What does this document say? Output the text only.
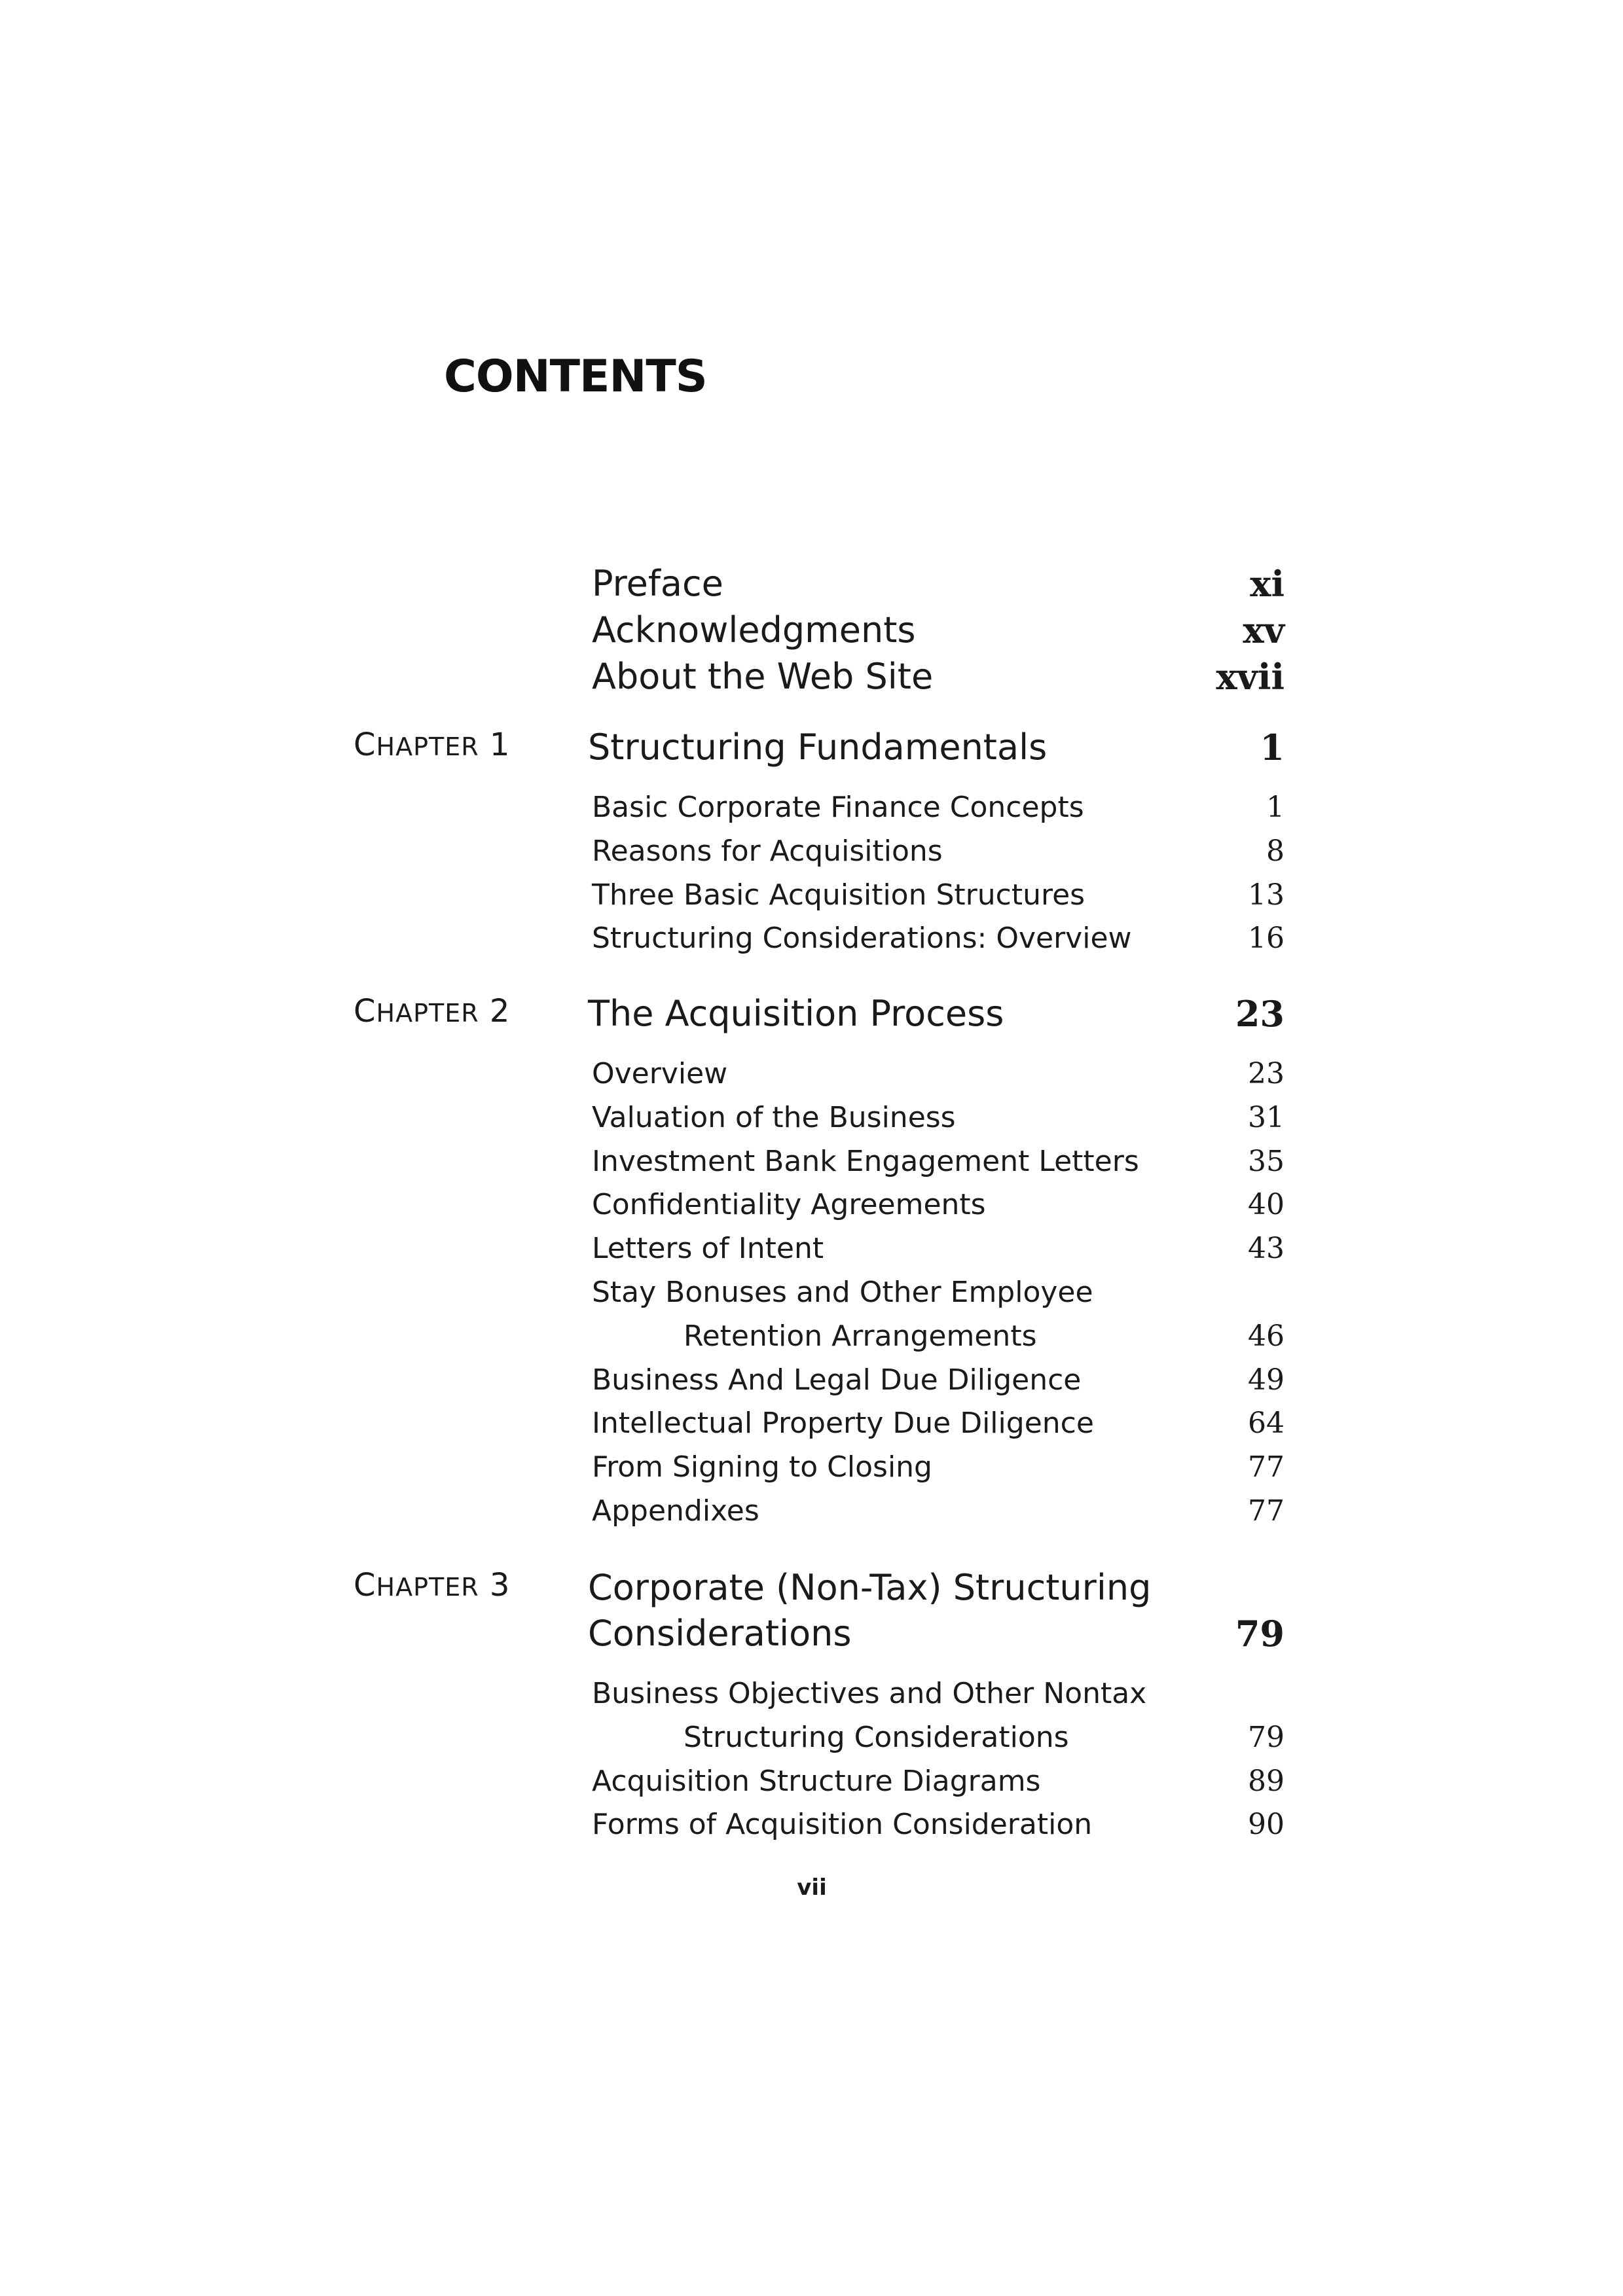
CONTENTS
Preface	xi
Acknowledgments	xv
About the Web Site	xvii
CHAPTER 1 Structuring Fundamentals	1
Basic Corporate Finance Concepts	1
Reasons for Acquisitions	8
Three Basic Acquisition Structures	13
Structuring Considerations: Overview	16
CHAPTER 2 The Acquisition Process	23
Overview	23
Valuation of the Business	31
Investment Bank Engagement Letters	35
Confidentiality Agreements	40
Letters of Intent	43
Stay Bonuses and Other Employee
Retention Arrangements	46
Business And Legal Due Diligence	49
Intellectual Property Due Diligence	64
From Signing to Closing	77
Appendixes	77
CHAPTER 3 Corporate (Non-Tax) Structuring
Considerations	79
Business Objectives and Other Nontax
Structuring Considerations	79
Acquisition Structure Diagrams	89
Forms of Acquisition Consideration	90
vii
